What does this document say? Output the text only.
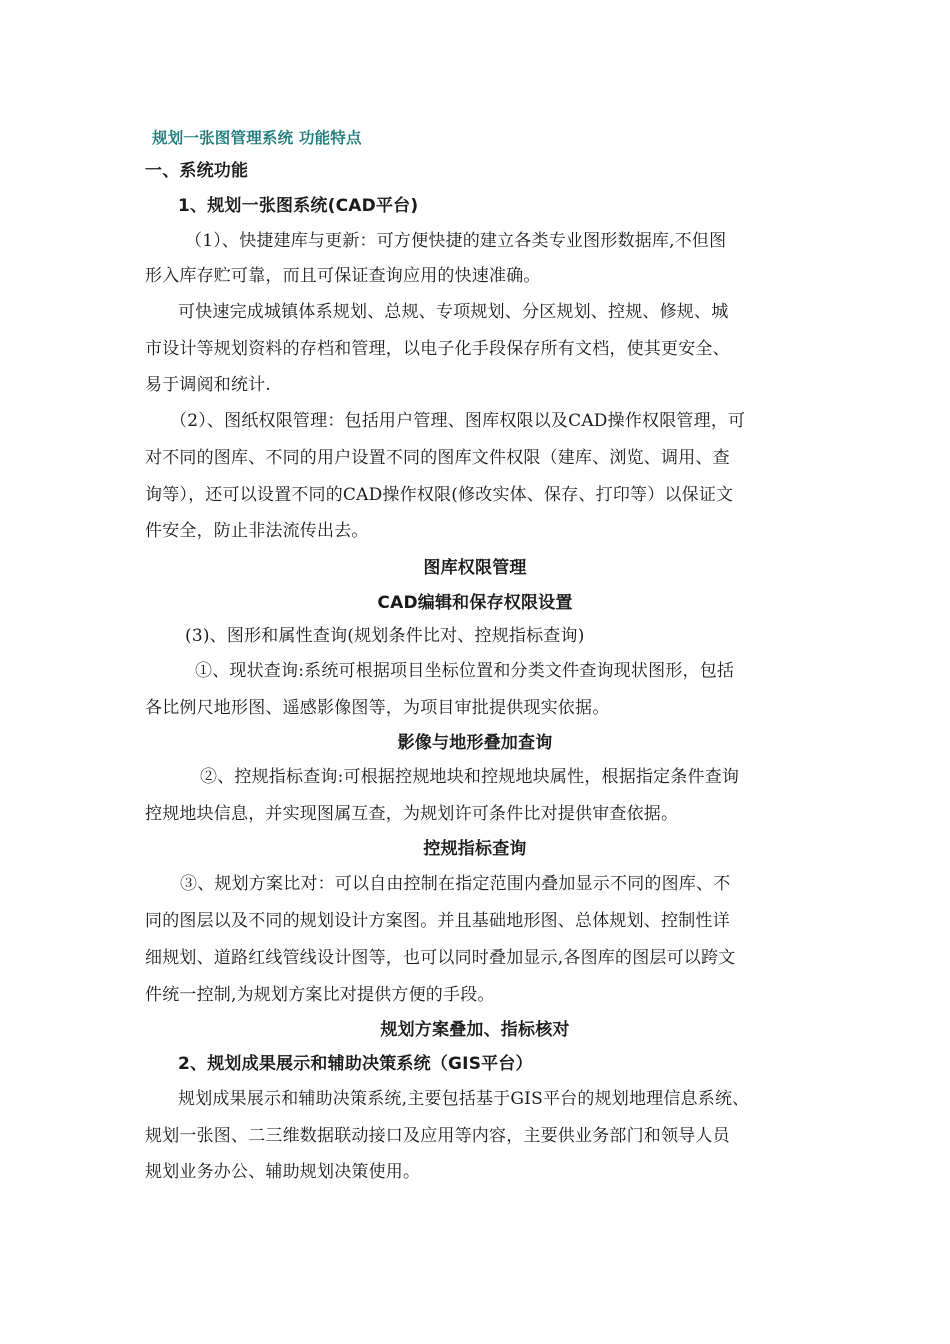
规划一张图管理系统 功能特点
一、系统功能
1、规划一张图系统(CAD平台)
（1）、快捷建库与更新：可方便快捷的建立各类专业图形数据库,不但图
形入库存贮可靠，而且可保证查询应用的快速准确。
可快速完成城镇体系规划、总规、专项规划、分区规划、控规、修规、城
市设计等规划资料的存档和管理，以电子化手段保存所有文档，使其更安全、
易于调阅和统计.
（2）、图纸权限管理：包括用户管理、图库权限以及CAD操作权限管理，可
对不同的图库、不同的用户设置不同的图库文件权限（建库、浏览、调用、查
询等），还可以设置不同的CAD操作权限(修改实体、保存、打印等）以保证文
件安全，防止非法流传出去。
图库权限管理
CAD编辑和保存权限设置
(3)、图形和属性查询(规划条件比对、控规指标查询)
①、现状查询:系统可根据项目坐标位置和分类文件查询现状图形，包括
各比例尺地形图、遥感影像图等，为项目审批提供现实依据。
影像与地形叠加查询
②、控规指标查询:可根据控规地块和控规地块属性，根据指定条件查询
控规地块信息，并实现图属互查，为规划许可条件比对提供审查依据。
控规指标查询
③、规划方案比对：可以自由控制在指定范围内叠加显示不同的图库、不
同的图层以及不同的规划设计方案图。并且基础地形图、总体规划、控制性详
细规划、道路红线管线设计图等，也可以同时叠加显示,各图库的图层可以跨文
件统一控制,为规划方案比对提供方便的手段。
规划方案叠加、指标核对
2、规划成果展示和辅助决策系统（GIS平台）
规划成果展示和辅助决策系统,主要包括基于GIS平台的规划地理信息系统、
规划一张图、二三维数据联动接口及应用等内容，主要供业务部门和领导人员
规划业务办公、辅助规划决策使用。
